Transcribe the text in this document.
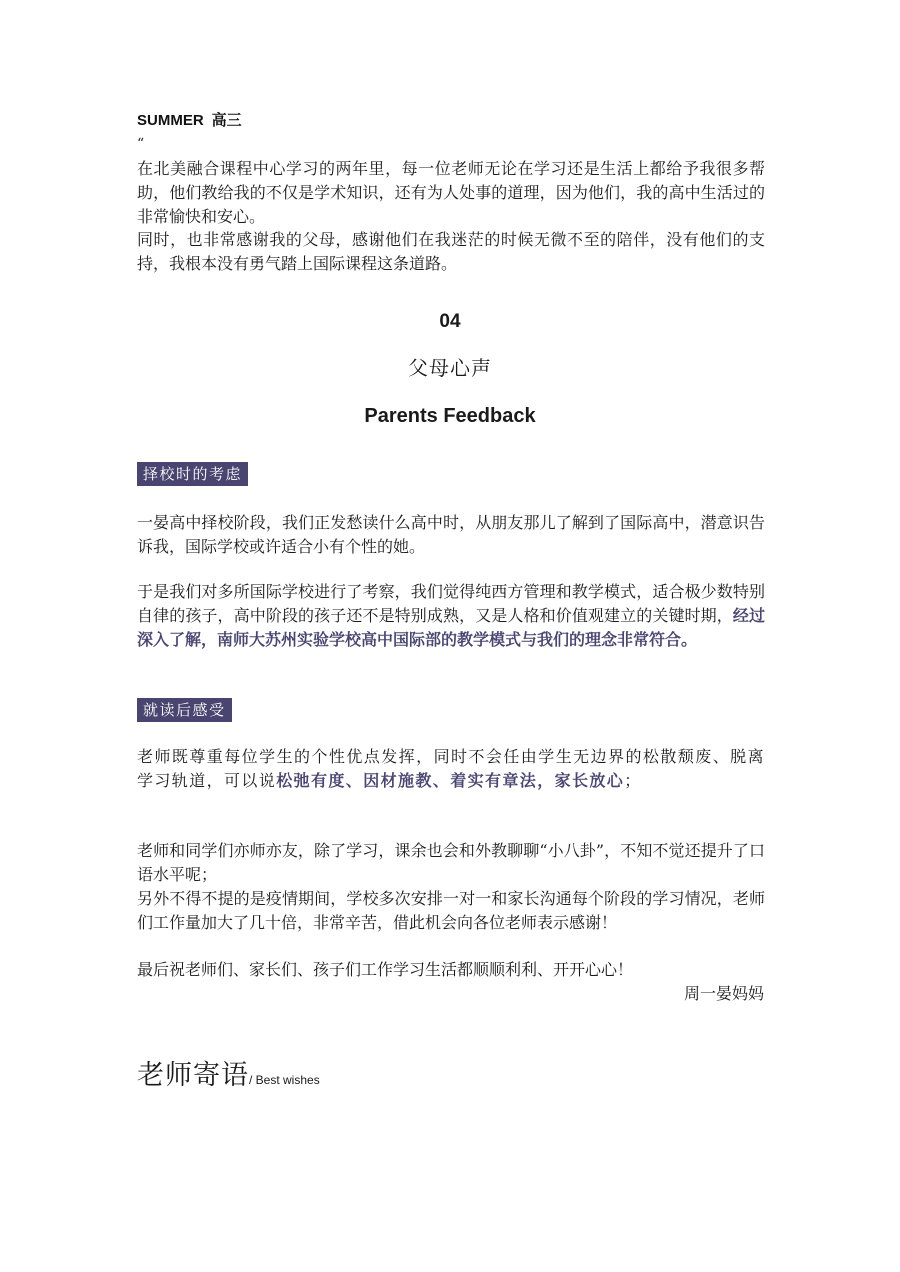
SUMMER 高三
“

在北美融合课程中心学习的两年里，每一位老师无论在学习还是生活上都给予我很多帮助，他们教给我的不仅是学术知识，还有为人处事的道理，因为他们，我的高中生活过的非常愉快和安心。

同时，也非常感谢我的父母，感谢他们在我迷茫的时候无微不至的陪伴，没有他们的支持，我根本没有勇气踏上国际课程这条道路。

04
父母心声
Parents Feedback
择校时的考虑

一晏高中择校阶段，我们正发愁读什么高中时，从朋友那儿了解到了国际高中，潜意识告诉我，国际学校或许适合小有个性的她。

于是我们对多所国际学校进行了考察，我们觉得纯西方管理和教学模式，适合极少数特别自律的孩子，高中阶段的孩子还不是特别成熟，又是人格和价值观建立的关键时期，经过深入了解，南师大苏州实验学校高中国际部的教学模式与我们的理念非常符合。

就读后感受

老师既尊重每位学生的个性优点发挥，同时不会任由学生无边界的松散颓废、脱离学习轨道，可以说松弛有度、因材施教、着实有章法，家长放心；

老师和同学们亦师亦友，除了学习，课余也会和外教聊聊“小八卦”，不知不觉还提升了口语水平呢；

另外不得不提的是疫情期间，学校多次安排一对一和家长沟通每个阶段的学习情况，老师们工作量加大了几十倍，非常辛苦，借此机会向各位老师表示感谢！

最后祝老师们、家长们、孩子们工作学习生活都顺顺利利、开开心心！

周一晏妈妈
老师寄语/ Best wishes
